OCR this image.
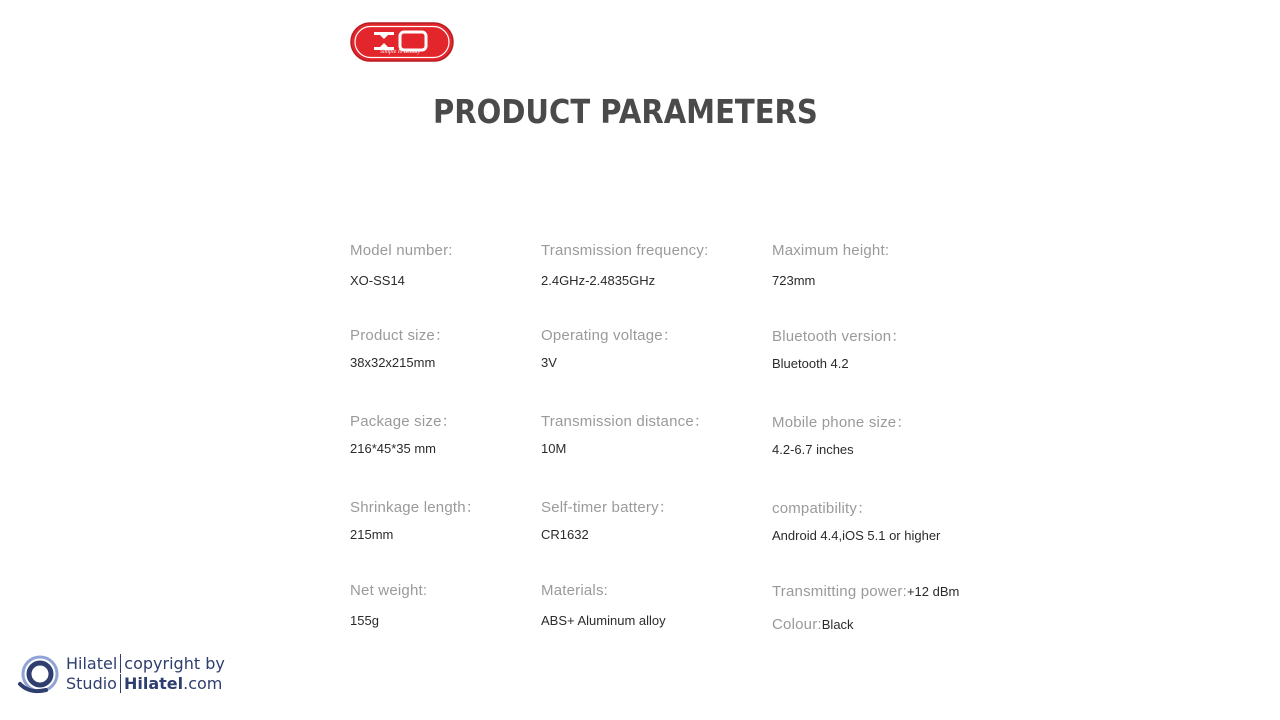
Simple Is Beauty
PRODUCT PARAMETERS
Model number:
XO-SS14
Transmission frequency:
2.4GHz-2.4835GHz
Maximum height:
723mm
Product size：
38x32x215mm
Operating voltage：
3V
Bluetooth version：
Bluetooth 4.2
Package size：
216*45*35 mm
Transmission distance：
10M
Mobile phone size：
4.2-6.7 inches
Shrinkage length：
215mm
Self-timer battery：
CR1632
compatibility：
Android 4.4,iOS 5.1 or higher
Net weight:
155g
Materials:
ABS+ Aluminum alloy
Transmitting power:+12 dBm
Colour:Black
Hilatel copyright by
Studio Hilatel.com
